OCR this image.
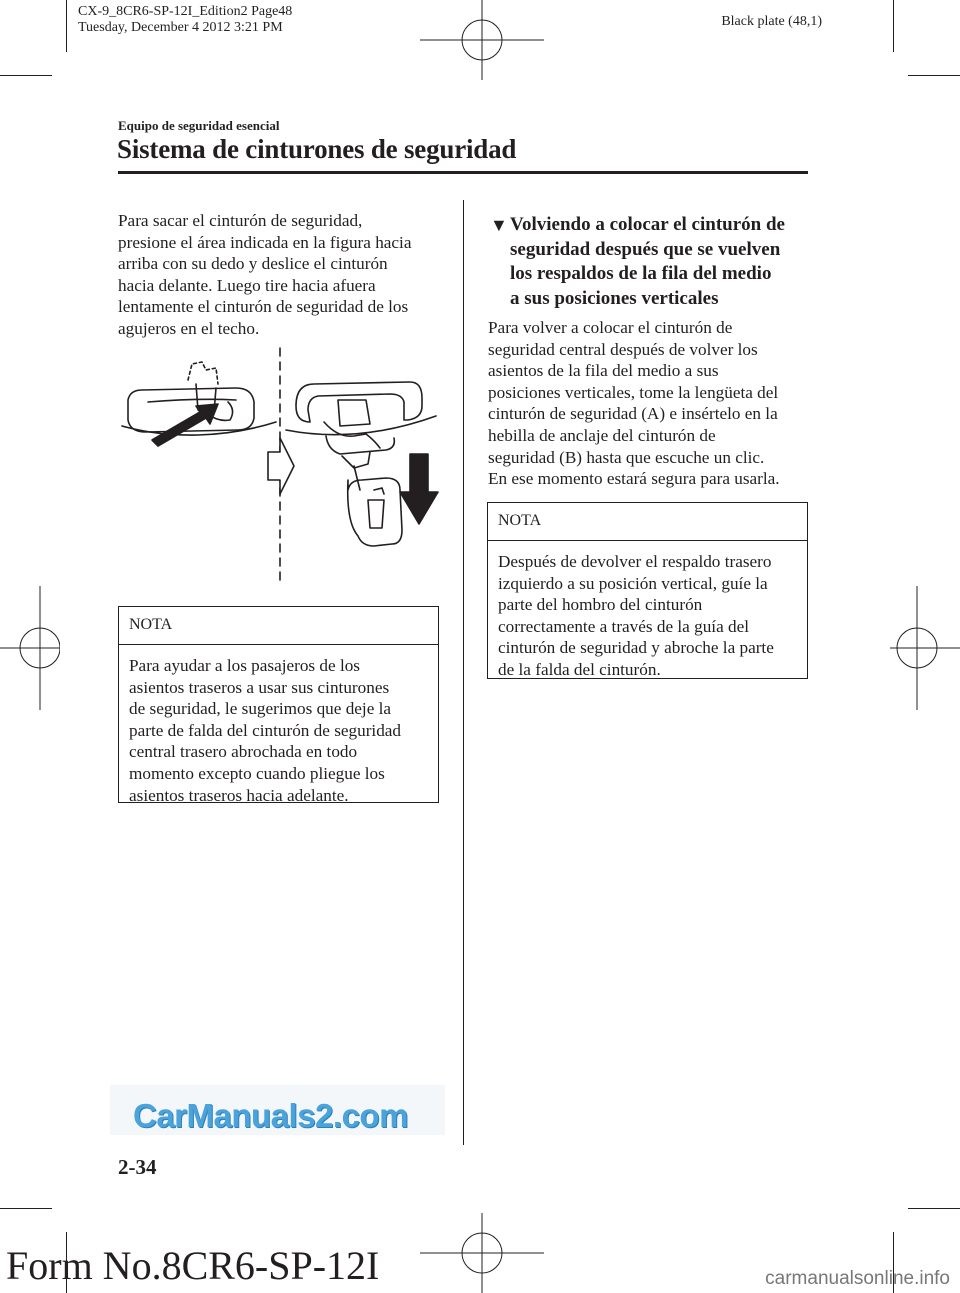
CX-9_8CR6-SP-12I_Edition2 Page48
Tuesday, December 4 2012 3:21 PM	Black plate (48,1)
Equipo de seguridad esencial
Sistema de cinturones de seguridad
Para sacar el cinturón de seguridad,
presione el área indicada en la figura hacia
arriba con su dedo y deslice el cinturón
hacia delante. Luego tire hacia afuera
lentamente el cinturón de seguridad de los
agujeros en el techo.
NOTA
Para ayudar a los pasajeros de los
asientos traseros a usar sus cinturones
de seguridad, le sugerimos que deje la
parte de falda del cinturón de seguridad
central trasero abrochada en todo
momento excepto cuando pliegue los
asientos traseros hacia adelante.
▼ Volviendo a colocar el cinturón de
seguridad después que se vuelven
los respaldos de la fila del medio
a sus posiciones verticales
Para volver a colocar el cinturón de
seguridad central después de volver los
asientos de la fila del medio a sus
posiciones verticales, tome la lengüeta del
cinturón de seguridad (A) e insértelo en la
hebilla de anclaje del cinturón de
seguridad (B) hasta que escuche un clic.
En ese momento estará segura para usarla.
NOTA
Después de devolver el respaldo trasero
izquierdo a su posición vertical, guíe la
parte del hombro del cinturón
correctamente a través de la guía del
cinturón de seguridad y abroche la parte
de la falda del cinturón.
CarManuals2.com
2-34
Form No.8CR6-SP-12I	carmanualsonline.info
